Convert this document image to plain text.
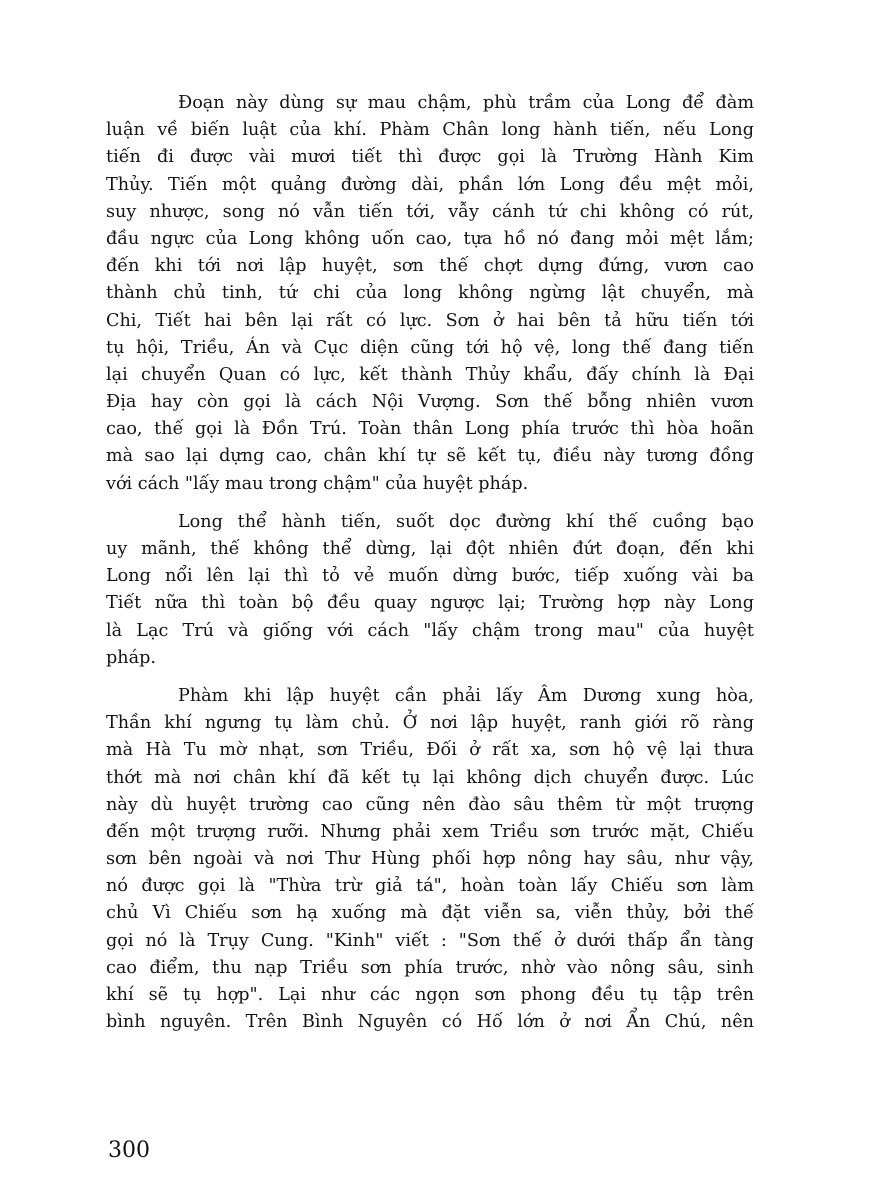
Đoạn này dùng sự mau chậm, phù trầm của Long để đàm
luận về biến luật của khí. Phàm Chân long hành tiến, nếu Long
tiến đi được vài mươi tiết thì được gọi là Trường Hành Kim
Thủy. Tiến một quảng đường dài, phần lớn Long đều mệt mỏi,
suy nhược, song nó vẫn tiến tới, vẫy cánh tứ chi không có rút,
đầu ngực của Long không uốn cao, tựa hồ nó đang mỏi mệt lắm;
đến khi tới nơi lập huyệt, sơn thế chợt dựng đứng, vươn cao
thành chủ tinh, tứ chi của long không ngừng lật chuyển, mà
Chi, Tiết hai bên lại rất có lực. Sơn ở hai bên tả hữu tiến tới
tụ hội, Triều, Án và Cục diện cũng tới hộ vệ, long thế đang tiến
lại chuyển Quan có lực, kết thành Thủy khẩu, đấy chính là Đại
Địa hay còn gọi là cách Nội Vượng. Sơn thế bỗng nhiên vươn
cao, thế gọi là Đồn Trú. Toàn thân Long phía trước thì hòa hoãn
mà sao lại dựng cao, chân khí tự sẽ kết tụ, điều này tương đồng
với cách "lấy mau trong chậm" của huyệt pháp.
Long thể hành tiến, suốt dọc đường khí thế cuồng bạo
uy mãnh, thế không thể dừng, lại đột nhiên đứt đoạn, đến khi
Long nổi lên lại thì tỏ vẻ muốn dừng bước, tiếp xuống vài ba
Tiết nữa thì toàn bộ đều quay ngược lại; Trường hợp này Long
là Lạc Trú và giống với cách "lấy chậm trong mau" của huyệt
pháp.
Phàm khi lập huyệt cần phải lấy Âm Dương xung hòa,
Thần khí ngưng tụ làm chủ. Ở nơi lập huyệt, ranh giới rõ ràng
mà Hà Tu mờ nhạt, sơn Triều, Đối ở rất xa, sơn hộ vệ lại thưa
thớt mà nơi chân khí đã kết tụ lại không dịch chuyển được. Lúc
này dù huyệt trường cao cũng nên đào sâu thêm từ một trượng
đến một trượng rưỡi. Nhưng phải xem Triều sơn trước mặt, Chiếu
sơn bên ngoài và nơi Thư Hùng phối hợp nông hay sâu, như vậy,
nó được gọi là "Thừa trừ giả tá", hoàn toàn lấy Chiếu sơn làm
chủ Vì Chiếu sơn hạ xuống mà đặt viễn sa, viễn thủy, bởi thế
gọi nó là Trụy Cung. "Kinh" viết : "Sơn thế ở dưới thấp ẩn tàng
cao điểm, thu nạp Triều sơn phía trước, nhờ vào nông sâu, sinh
khí sẽ tụ hợp". Lại như các ngọn sơn phong đều tụ tập trên
bình nguyên. Trên Bình Nguyên có Hố lớn ở nơi Ẩn Chú, nên
300
